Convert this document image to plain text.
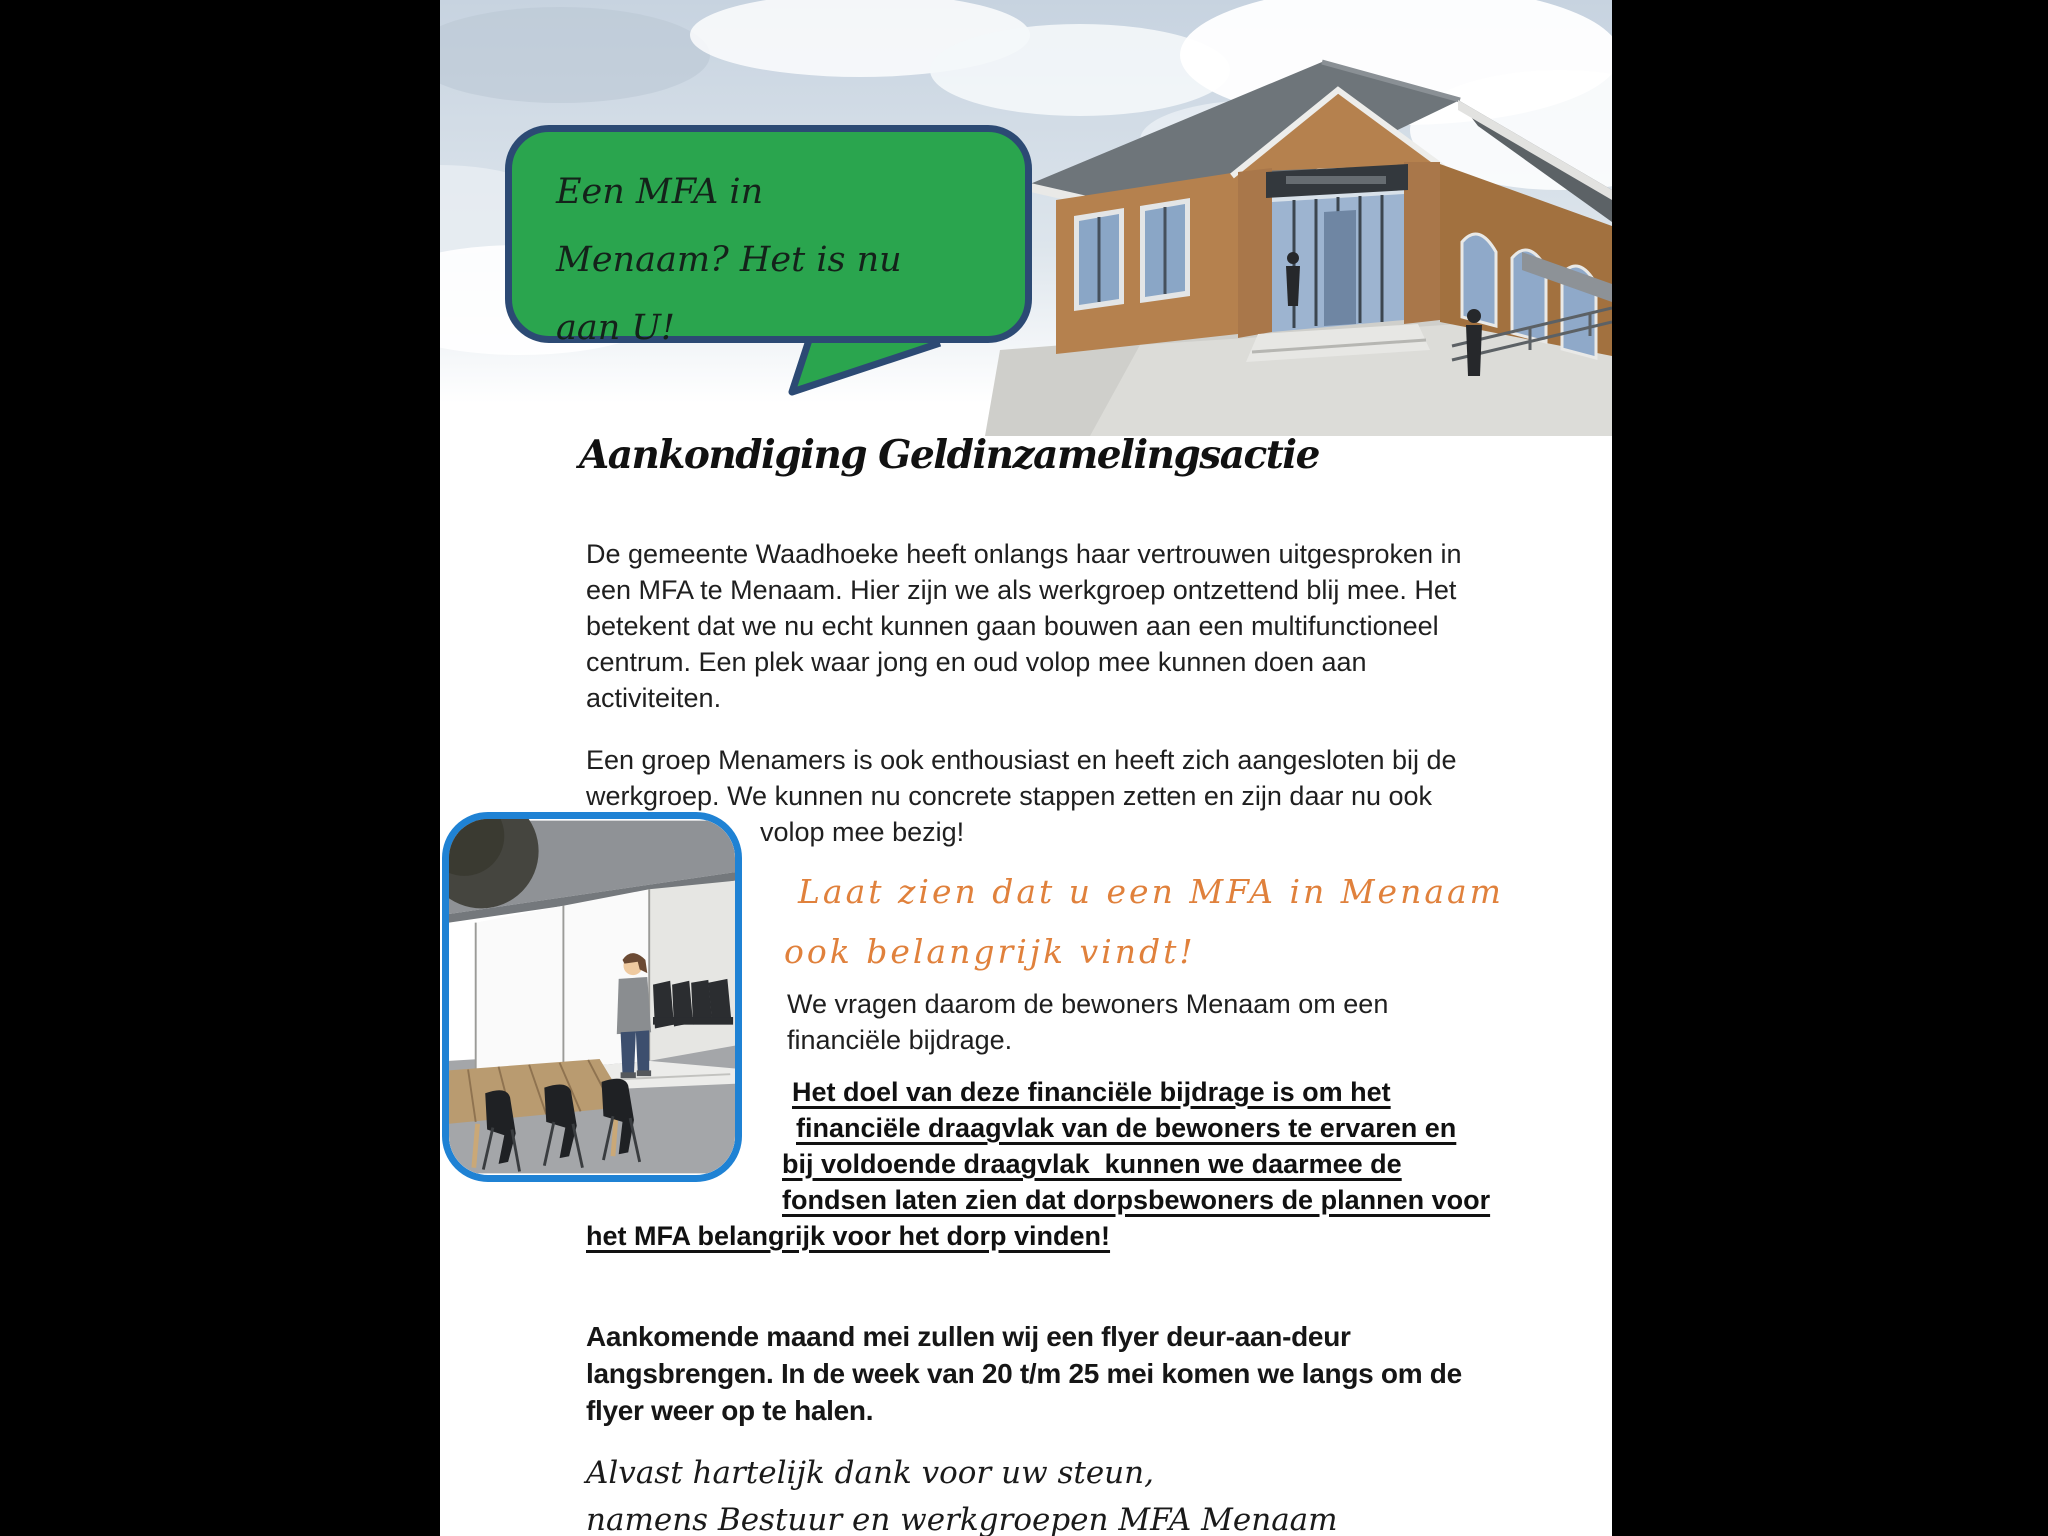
Een MFA in
Menaam? Het is nu
aan U!
Aankondiging Geldinzamelingsactie
De gemeente Waadhoeke heeft onlangs haar vertrouwen uitgesproken in
een MFA te Menaam. Hier zijn we als werkgroep ontzettend blij mee. Het
betekent dat we nu echt kunnen gaan bouwen aan een multifunctioneel
centrum. Een plek waar jong en oud volop mee kunnen doen aan
activiteiten.
Een groep Menamers is ook enthousiast en heeft zich aangesloten bij de
werkgroep. We kunnen nu concrete stappen zetten en zijn daar nu ook
volop mee bezig!
Laat zien dat u een MFA in Menaam
ook belangrijk vindt!
We vragen daarom de bewoners Menaam om een
financiële bijdrage.
Het doel van deze financiële bijdrage is om het
financiële draagvlak van de bewoners te ervaren en
bij voldoende draagvlak  kunnen we daarmee de
fondsen laten zien dat dorpsbewoners de plannen voor
het MFA belangrijk voor het dorp vinden!
Aankomende maand mei zullen wij een flyer deur-aan-deur
langsbrengen. In de week van 20 t/m 25 mei komen we langs om de
flyer weer op te halen.
Alvast hartelijk dank voor uw steun,
namens Bestuur en werkgroepen MFA Menaam
